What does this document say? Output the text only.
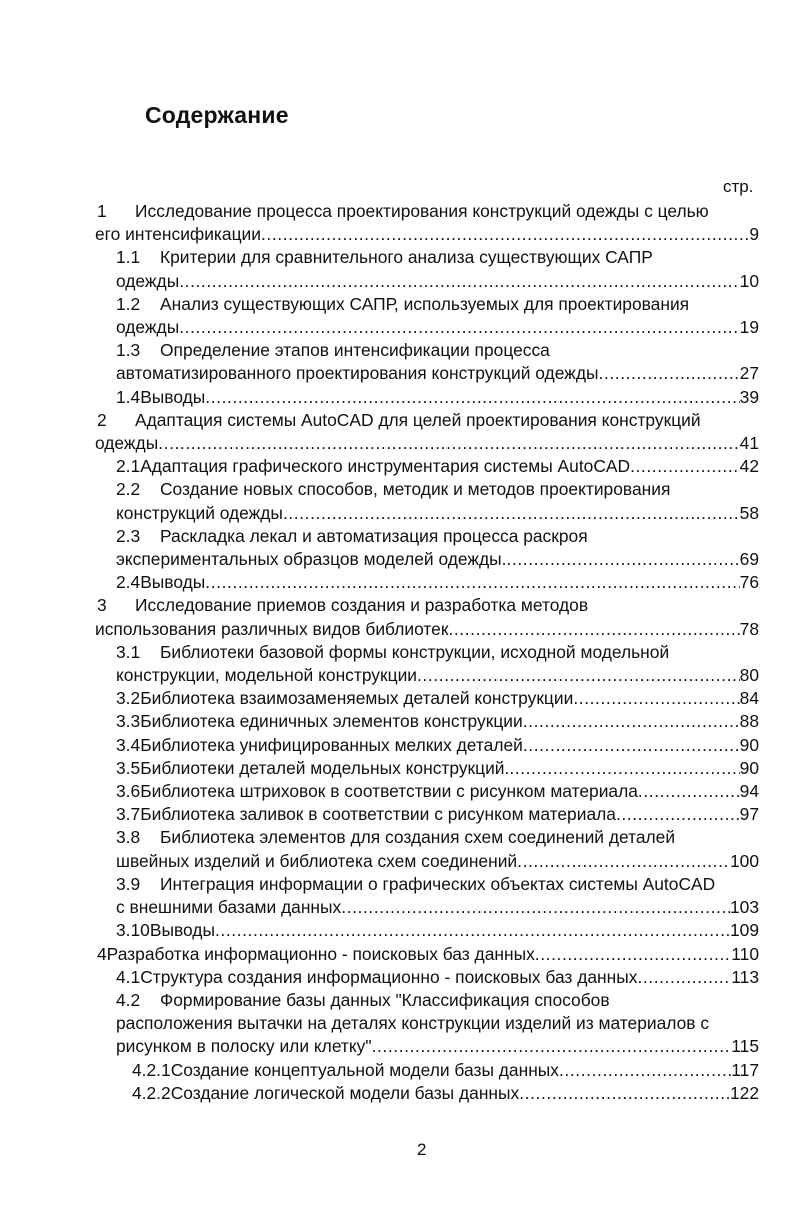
Содержание
стр.
1 Исследование процесса проектирования конструкций одежды с целью
его интенсификации .....	9
1.1 Критерии для сравнительного анализа существующих САПР
одежды .....	10
1.2 Анализ существующих САПР, используемых для проектирования
одежды .....	19
1.3 Определение этапов интенсификации процесса
автоматизированного проектирования конструкций одежды .....	27
1.4Выводы .....	39
2 Адаптация системы AutoCAD для целей проектирования конструкций
одежды .....	41
2.1Адаптация графического инструментария системы AutoCAD .....	42
2.2 Создание новых способов, методик и методов проектирования
конструкций одежды .....	58
2.3 Раскладка лекал и автоматизация процесса раскроя
экспериментальных образцов моделей одежды. .....	69
2.4Выводы .....	76
3 Исследование приемов создания и разработка методов
использования различных видов библиотек .....	78
3.1 Библиотеки базовой формы конструкции, исходной модельной
конструкции, модельной конструкции .....	80
3.2Библиотека взаимозаменяемых деталей конструкции .....	84
3.3Библиотека единичных элементов конструкции .....	88
3.4Библиотека унифицированных мелких деталей .....	90
3.5Библиотеки деталей модельных конструкций. .....	90
3.6Библиотека штриховок в соответствии с рисунком материала .....	94
3.7Библиотека заливок в соответствии с рисунком материала .....	97
3.8 Библиотека элементов для создания схем соединений деталей
швейных изделий и библиотека схем соединений .....	100
3.9 Интеграция информации о графических объектах системы AutoCAD
с внешними базами данных .....	103
3.10Выводы .....	109
4Разработка информационно - поисковых баз данных .....	110
4.1Структура создания информационно - поисковых баз данных .....	113
4.2 Формирование базы данных "Классификация способов
расположения вытачки на деталях конструкции изделий из материалов с
рисунком в полоску или клетку" .....	115
4.2.1Создание концептуальной модели базы данных .....	117
4.2.2Создание логической модели базы данных .....	122
2
